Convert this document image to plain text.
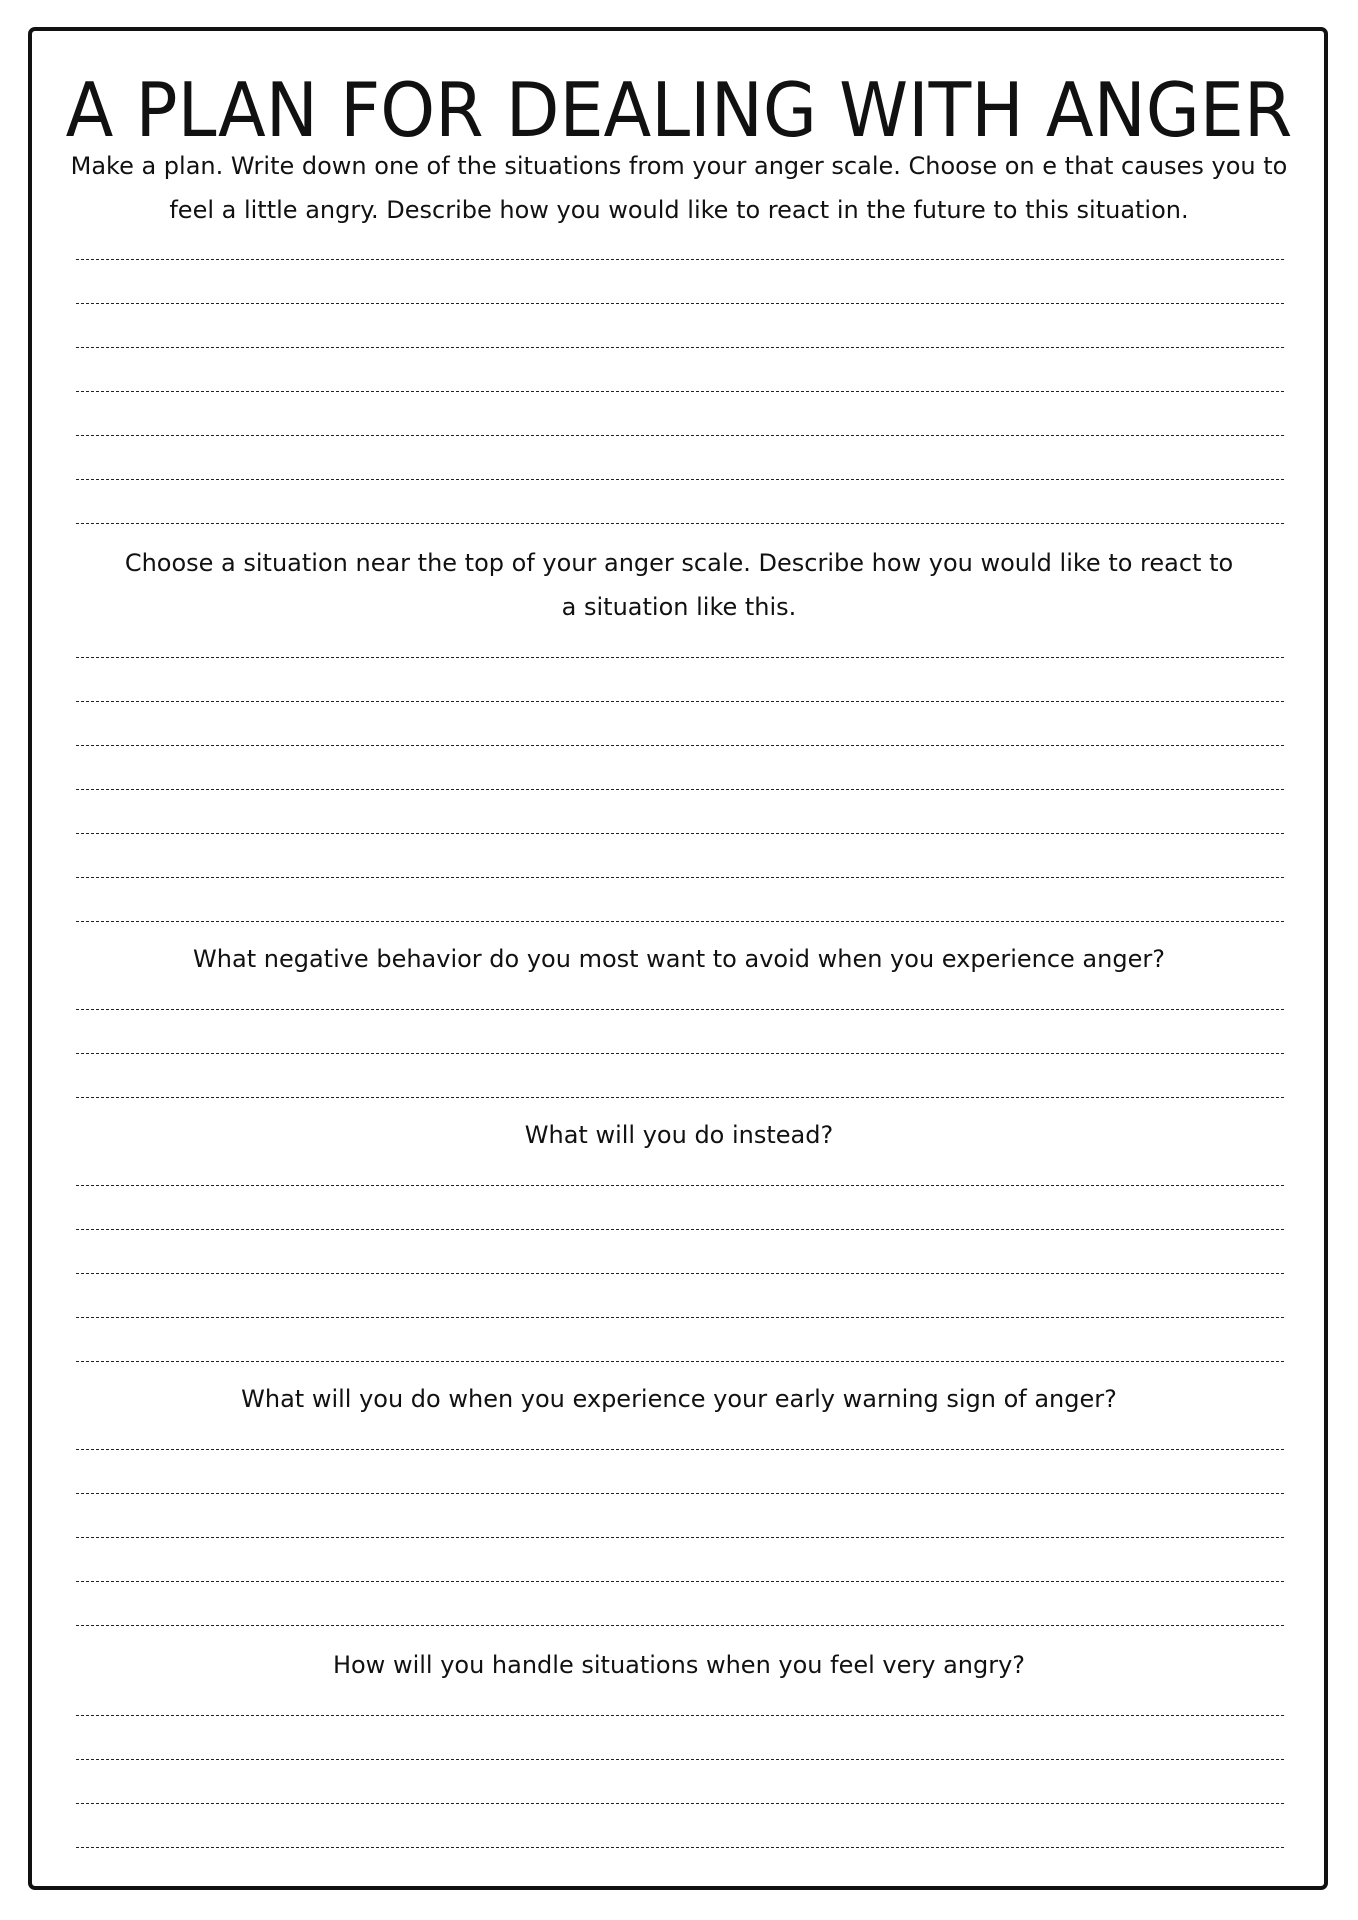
A PLAN FOR DEALING WITH ANGER
Make a plan. Write down one of the situations from your anger scale. Choose on e that causes you to
feel a little angry. Describe how you would like to react in the future to this situation.
Choose a situation near the top of your anger scale. Describe how you would like to react to
a situation like this.
What negative behavior do you most want to avoid when you experience anger?
What will you do instead?
What will you do when you experience your early warning sign of anger?
How will you handle situations when you feel very angry?
